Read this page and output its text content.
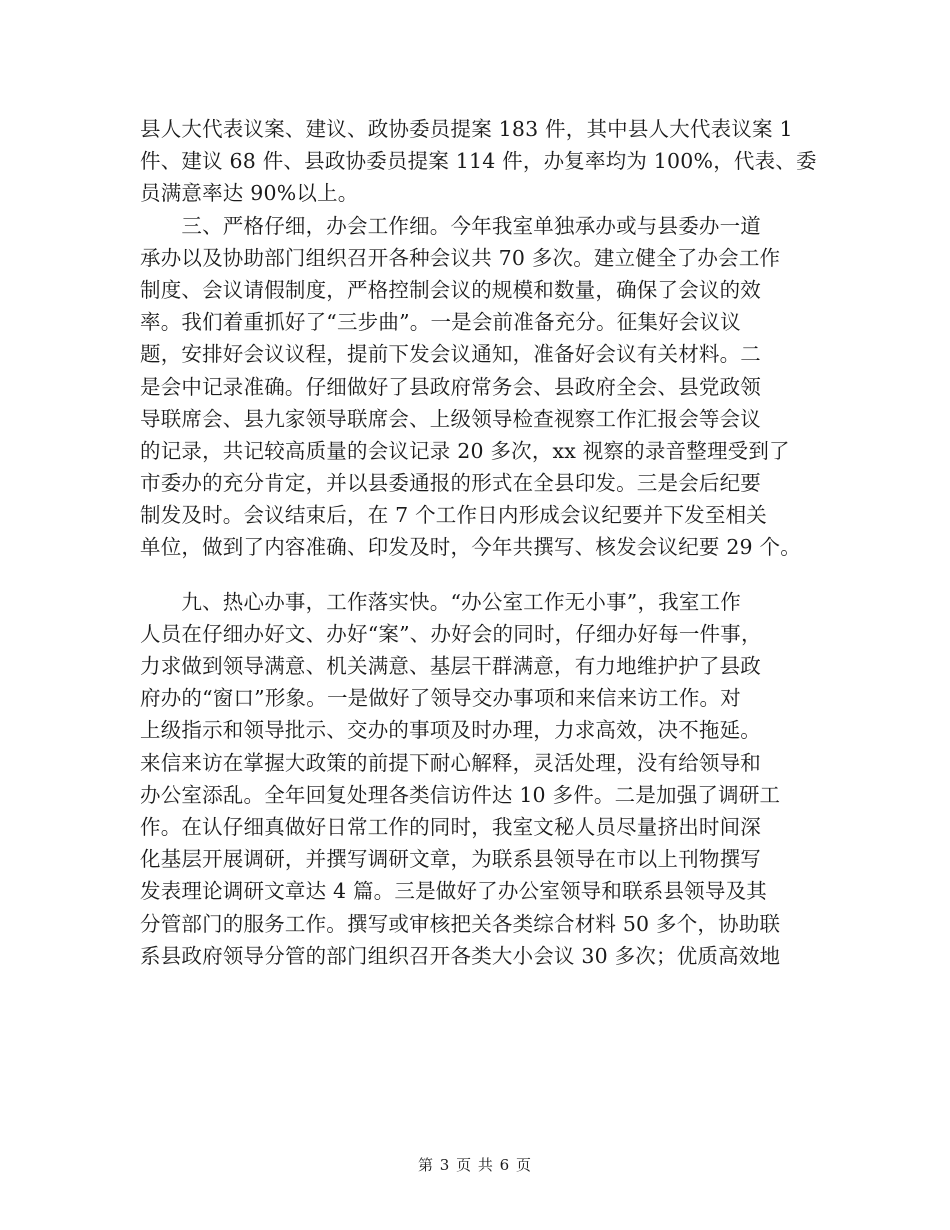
县人大代表议案、建议、政协委员提案 183 件，其中县人大代表议案 1
件、建议 68 件、县政协委员提案 114 件，办复率均为 100%，代表、委
员满意率达 90%以上。
　　三、严格仔细，办会工作细。今年我室单独承办或与县委办一道
承办以及协助部门组织召开各种会议共 70 多次。建立健全了办会工作
制度、会议请假制度，严格控制会议的规模和数量，确保了会议的效
率。我们着重抓好了“三步曲”。一是会前准备充分。征集好会议议
题，安排好会议议程，提前下发会议通知，准备好会议有关材料。二
是会中记录准确。仔细做好了县政府常务会、县政府全会、县党政领
导联席会、县九家领导联席会、上级领导检查视察工作汇报会等会议
的记录，共记较高质量的会议记录 20 多次，xx 视察的录音整理受到了
市委办的充分肯定，并以县委通报的形式在全县印发。三是会后纪要
制发及时。会议结束后，在 7 个工作日内形成会议纪要并下发至相关
单位，做到了内容准确、印发及时，今年共撰写、核发会议纪要 29 个。
　　九、热心办事，工作落实快。“办公室工作无小事”，我室工作
人员在仔细办好文、办好“案”、办好会的同时，仔细办好每一件事，
力求做到领导满意、机关满意、基层干群满意，有力地维护护了县政
府办的“窗口”形象。一是做好了领导交办事项和来信来访工作。对
上级指示和领导批示、交办的事项及时办理，力求高效，决不拖延。
来信来访在掌握大政策的前提下耐心解释，灵活处理，没有给领导和
办公室添乱。全年回复处理各类信访件达 10 多件。二是加强了调研工
作。在认仔细真做好日常工作的同时，我室文秘人员尽量挤出时间深
化基层开展调研，并撰写调研文章，为联系县领导在市以上刊物撰写
发表理论调研文章达 4 篇。三是做好了办公室领导和联系县领导及其
分管部门的服务工作。撰写或审核把关各类综合材料 50 多个，协助联
系县政府领导分管的部门组织召开各类大小会议 30 多次；优质高效地
第 3 页 共 6 页
